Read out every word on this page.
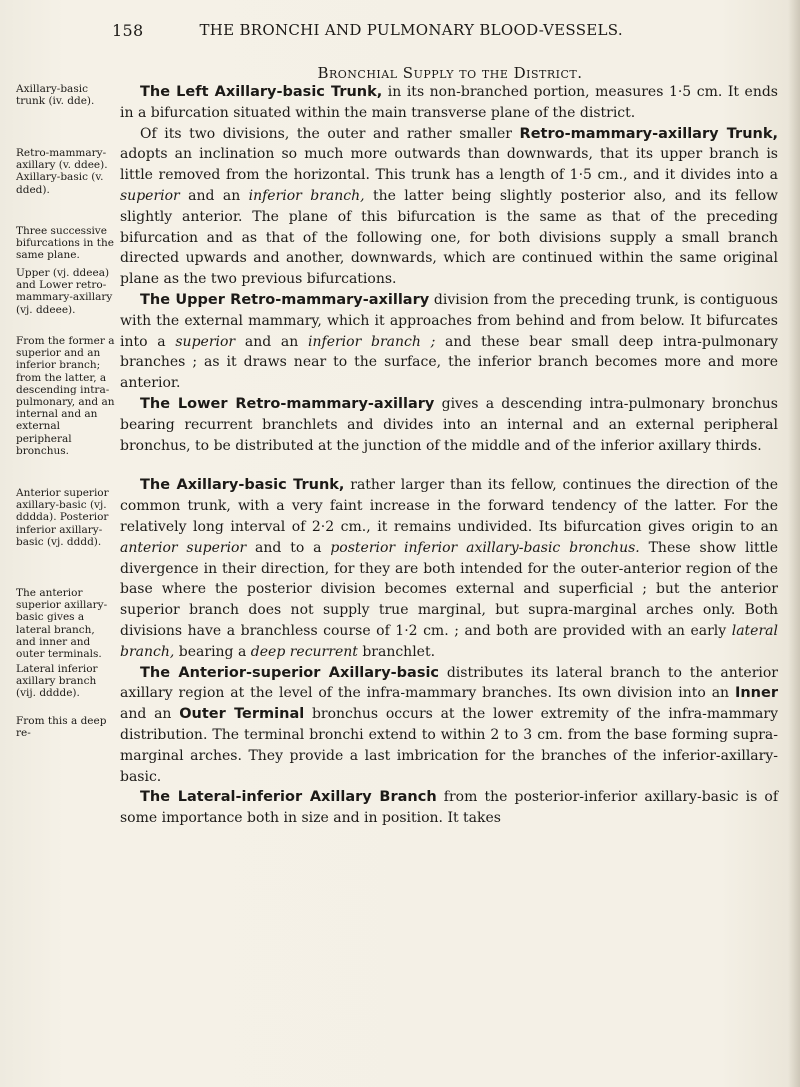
158	THE BRONCHI AND PULMONARY BLOOD-VESSELS.
Bronchial Supply to the District.
Axillary-basic trunk (iv. dde).
Retro-mammary-axillary (v. ddee). Axillary-basic (v. dded).
Three successive bifurcations in the same plane.
Upper (vj. ddeea) and Lower retro-mammary-axillary (vj. ddeee).
From the former a superior and an inferior branch; from the latter, a descending intra-pulmonary, and an internal and an external peripheral bronchus.
Anterior superior axillary-basic (vj. dddda). Posterior inferior axillary-basic (vj. dddd).
The anterior superior axillary-basic gives a lateral branch, and inner and outer terminals.
Lateral inferior axillary branch (vij. dddde).
From this a deep re-

The Left Axillary-basic Trunk, in its non-branched portion, measures 1·5 cm. It ends in a bifurcation situated within the main transverse plane of the district.

Of its two divisions, the outer and rather smaller Retro-mammary-axillary Trunk, adopts an inclination so much more outwards than downwards, that its upper branch is little removed from the horizontal. This trunk has a length of 1·5 cm., and it divides into a superior and an inferior branch, the latter being slightly posterior also, and its fellow slightly anterior. The plane of this bifurcation is the same as that of the preceding bifurcation and as that of the following one, for both divisions supply a small branch directed upwards and another, downwards, which are continued within the same original plane as the two previous bifurcations.

The Upper Retro-mammary-axillary division from the preceding trunk, is contiguous with the external mammary, which it approaches from behind and from below. It bifurcates into a superior and an inferior branch ; and these bear small deep intra-pulmonary branches ; as it draws near to the surface, the inferior branch becomes more and more anterior.

The Lower Retro-mammary-axillary gives a descending intra-pulmonary bronchus bearing recurrent branchlets and divides into an internal and an external peripheral bronchus, to be distributed at the junction of the middle and of the inferior axillary thirds.

The Axillary-basic Trunk, rather larger than its fellow, continues the direction of the common trunk, with a very faint increase in the forward tendency of the latter. For the relatively long interval of 2·2 cm., it remains undivided. Its bifurcation gives origin to an anterior superior and to a posterior inferior axillary-basic bronchus. These show little divergence in their direction, for they are both intended for the outer-anterior region of the base where the posterior division becomes external and superficial ; but the anterior superior branch does not supply true marginal, but supra-marginal arches only. Both divisions have a branchless course of 1·2 cm. ; and both are provided with an early lateral branch, bearing a deep recurrent branchlet.

The Anterior-superior Axillary-basic distributes its lateral branch to the anterior axillary region at the level of the infra-mammary branches. Its own division into an Inner and an Outer Terminal bronchus occurs at the lower extremity of the infra-mammary distribution. The terminal bronchi extend to within 2 to 3 cm. from the base forming supra-marginal arches. They provide a last imbrication for the branches of the inferior-axillary-basic.

The Lateral-inferior Axillary Branch from the posterior-inferior axillary-basic is of some importance both in size and in position. It takes
